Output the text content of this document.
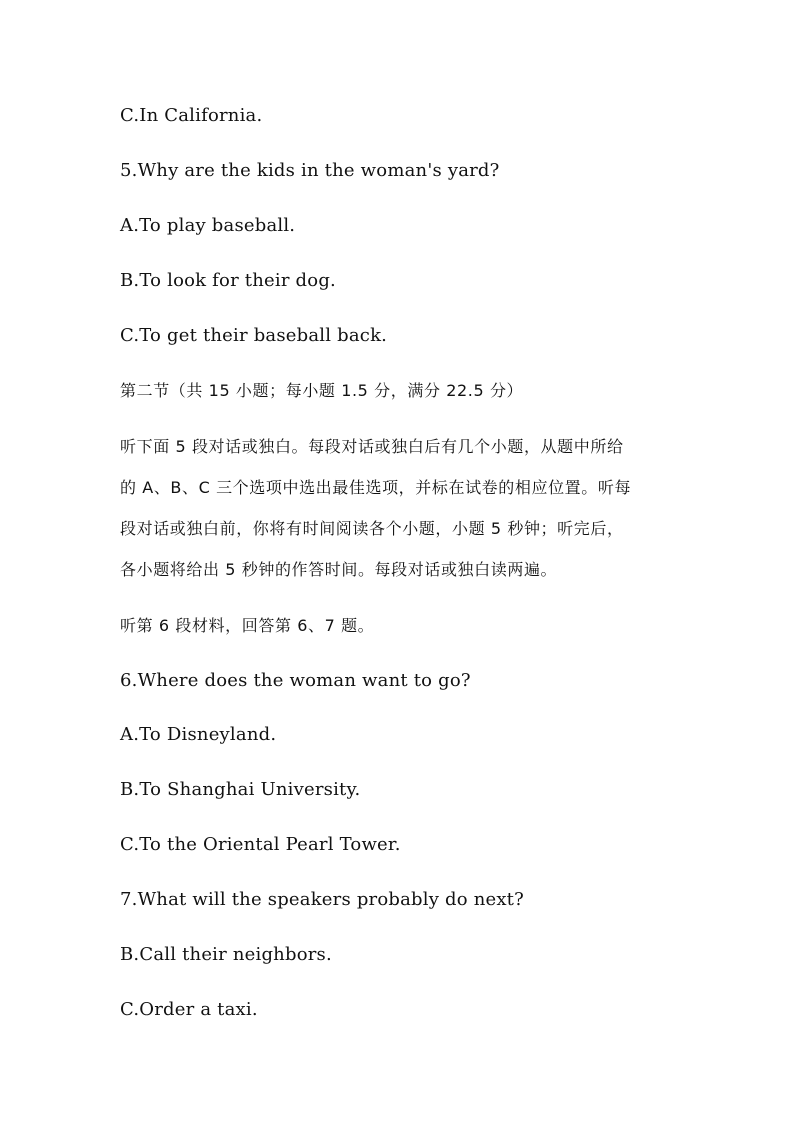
C.In California.
5.Why are the kids in the woman's yard?
A.To play baseball.
B.To look for their dog.
C.To get their baseball back.
第二节（共 15 小题；每小题 1.5 分，满分 22.5 分）
听下面 5 段对话或独白。每段对话或独白后有几个小题，从题中所给
的 A、B、C 三个选项中选出最佳选项，并标在试卷的相应位置。听每
段对话或独白前，你将有时间阅读各个小题，小题 5 秒钟；听完后，
各小题将给出 5 秒钟的作答时间。每段对话或独白读两遍。
听第 6 段材料，回答第 6、7 题。
6.Where does the woman want to go?
A.To Disneyland.
B.To Shanghai University.
C.To the Oriental Pearl Tower.
7.What will the speakers probably do next?
B.Call their neighbors.
C.Order a taxi.
